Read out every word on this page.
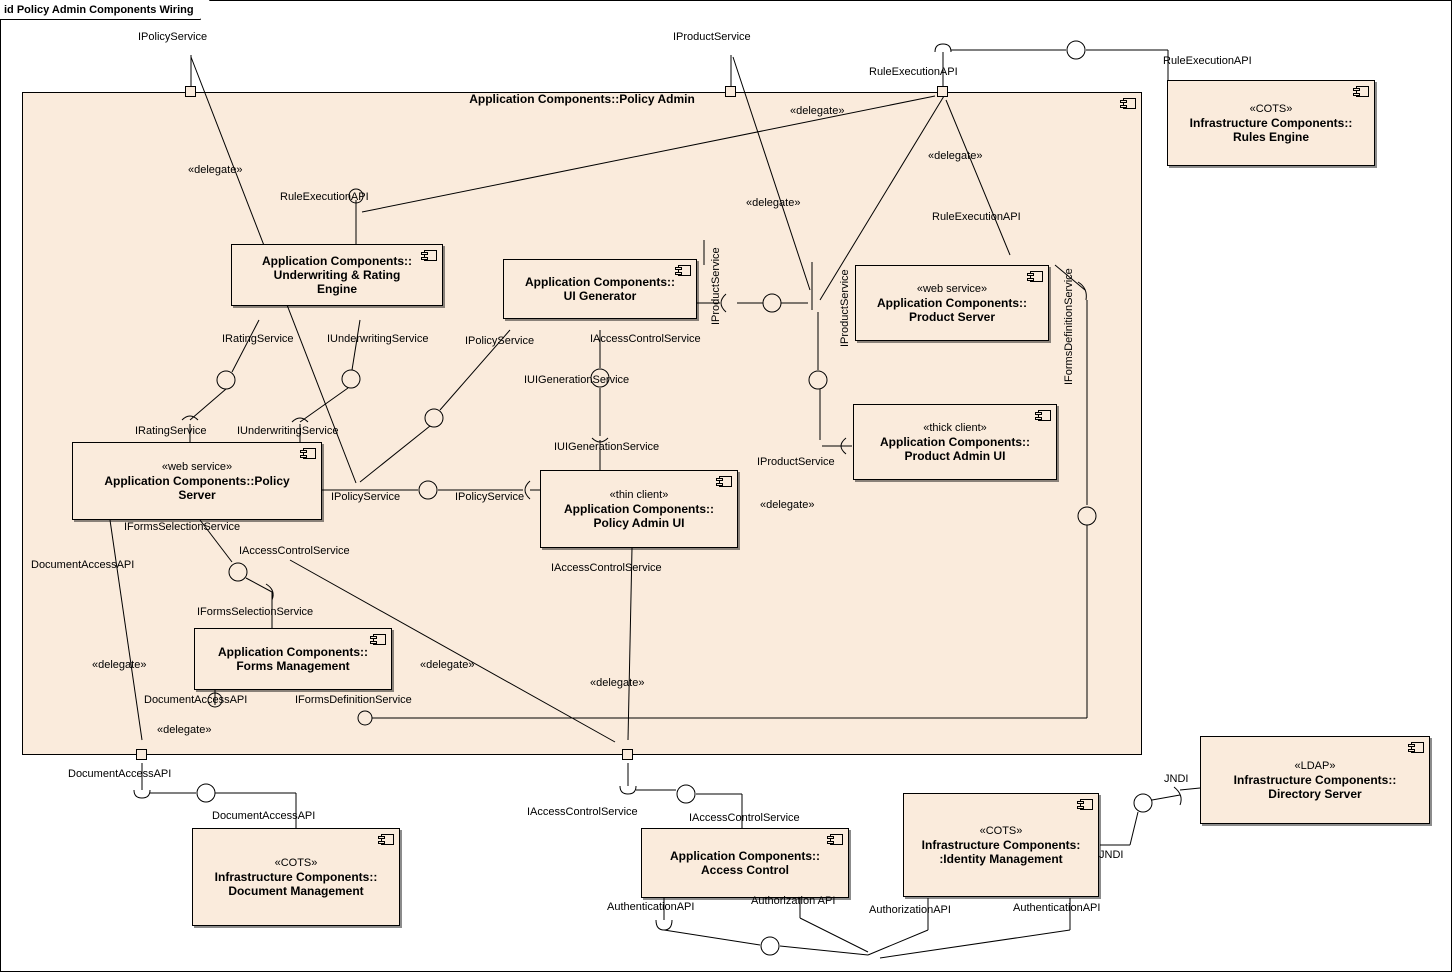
id Policy Admin Components Wiring
Application Components::Policy Admin
Application Components::
Underwriting & Rating
Engine	Application Components::
UI Generator
«web service»
Application Components::
Product Server
«thick client»
Application Components::
Product Admin UI
«web service»
Application Components::Policy
Server	«thin client»
Application Components::
Policy Admin UI
Application Components::
Forms Management
«COTS»
Infrastructure Components::
Rules Engine
«COTS»
Infrastructure Components::
Document Management
Application Components::
Access Control
«COTS»
Infrastructure Components:
:Identity Management
«LDAP»
Infrastructure Components::
Directory Server
IPolicyService	IProductService
RuleExecutionAPI
RuleExecutionAPI
«delegate»
«delegate»
«delegate»
«delegate»
«delegate»
«delegate»
«delegate»
«delegate»
«delegate»
RuleExecutionAPI
RuleExecutionAPI
IRatingService	IUnderwritingService
IRatingService	IUnderwritingService
IPolicyService	IAccessControlService
IProductService	IProductService	IFormsDefinitionService
IUIGenerationService
IUIGenerationService
IPolicyService	IPolicyService
IProductService
IFormsSelectionService
IFormsSelectionService
IAccessControlService
IAccessControlService
DocumentAccessAPI
DocumentAccessAPI
DocumentAccessAPI
DocumentAccessAPI
IFormsDefinitionService
IAccessControlService	IAccessControlService
AuthenticationAPI	Authorization API
AuthorizationAPI	AuthenticationAPI
JNDI
JNDI
